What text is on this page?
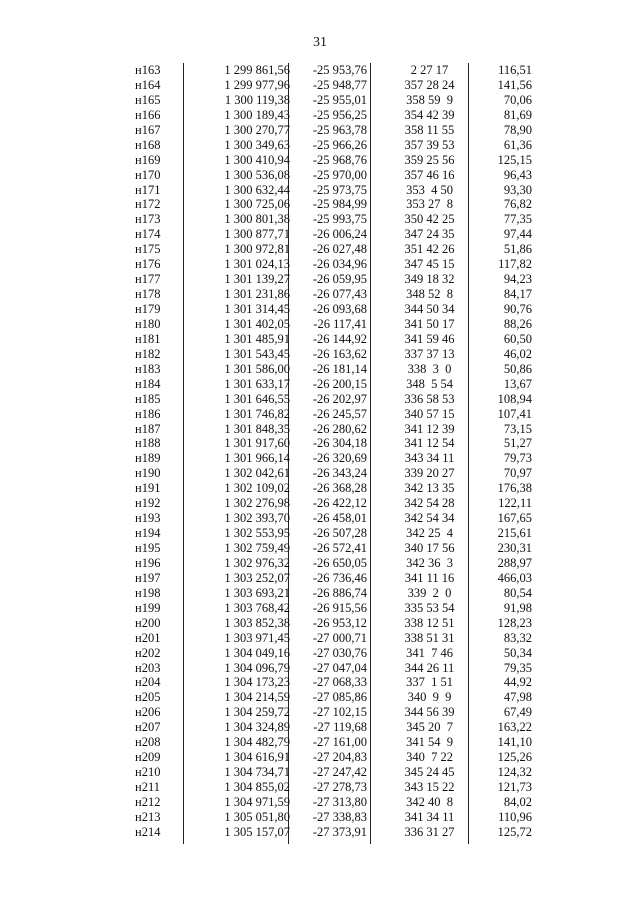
31
н163	1 299 861,56 -25 953,76	2 27 17	116,51
н164	1 299 977,96 -25 948,77	357 28 24	141,56
н165	1 300 119,38 -25 955,01	358 59  9	70,06
н166	1 300 189,43 -25 956,25	354 42 39	81,69
н167	1 300 270,77 -25 963,78	358 11 55	78,90
н168	1 300 349,63 -25 966,26	357 39 53	61,36
н169	1 300 410,94 -25 968,76	359 25 56	125,15
н170	1 300 536,08 -25 970,00	357 46 16	96,43
н171	1 300 632,44 -25 973,75	353  4 50	93,30
н172	1 300 725,06 -25 984,99	353 27  8	76,82
н173	1 300 801,38 -25 993,75	350 42 25	77,35
н174	1 300 877,71 -26 006,24	347 24 35	97,44
н175	1 300 972,81 -26 027,48	351 42 26	51,86
н176	1 301 024,13 -26 034,96	347 45 15	117,82
н177	1 301 139,27 -26 059,95	349 18 32	94,23
н178	1 301 231,86 -26 077,43	348 52  8	84,17
н179	1 301 314,45 -26 093,68	344 50 34	90,76
н180	1 301 402,05 -26 117,41	341 50 17	88,26
н181	1 301 485,91 -26 144,92	341 59 46	60,50
н182	1 301 543,45 -26 163,62	337 37 13	46,02
н183	1 301 586,00 -26 181,14	338  3  0	50,86
н184	1 301 633,17 -26 200,15	348  5 54	13,67
н185	1 301 646,55 -26 202,97	336 58 53	108,94
н186	1 301 746,82 -26 245,57	340 57 15	107,41
н187	1 301 848,35 -26 280,62	341 12 39	73,15
н188	1 301 917,60 -26 304,18	341 12 54	51,27
н189	1 301 966,14 -26 320,69	343 34 11	79,73
н190	1 302 042,61 -26 343,24	339 20 27	70,97
н191	1 302 109,02 -26 368,28	342 13 35	176,38
н192	1 302 276,98 -26 422,12	342 54 28	122,11
н193	1 302 393,70 -26 458,01	342 54 34	167,65
н194	1 302 553,95 -26 507,28	342 25  4	215,61
н195	1 302 759,49 -26 572,41	340 17 56	230,31
н196	1 302 976,32 -26 650,05	342 36  3	288,97
н197	1 303 252,07 -26 736,46	341 11 16	466,03
н198	1 303 693,21 -26 886,74	339  2  0	80,54
н199	1 303 768,42 -26 915,56	335 53 54	91,98
н200	1 303 852,38 -26 953,12	338 12 51	128,23
н201	1 303 971,45 -27 000,71	338 51 31	83,32
н202	1 304 049,16 -27 030,76	341  7 46	50,34
н203	1 304 096,79 -27 047,04	344 26 11	79,35
н204	1 304 173,23 -27 068,33	337  1 51	44,92
н205	1 304 214,59 -27 085,86	340  9  9	47,98
н206	1 304 259,72 -27 102,15	344 56 39	67,49
н207	1 304 324,89 -27 119,68	345 20  7	163,22
н208	1 304 482,79 -27 161,00	341 54  9	141,10
н209	1 304 616,91 -27 204,83	340  7 22	125,26
н210	1 304 734,71 -27 247,42	345 24 45	124,32
н211	1 304 855,02 -27 278,73	343 15 22	121,73
н212	1 304 971,59 -27 313,80	342 40  8	84,02
н213	1 305 051,80 -27 338,83	341 34 11	110,96
н214	1 305 157,07 -27 373,91	336 31 27	125,72
